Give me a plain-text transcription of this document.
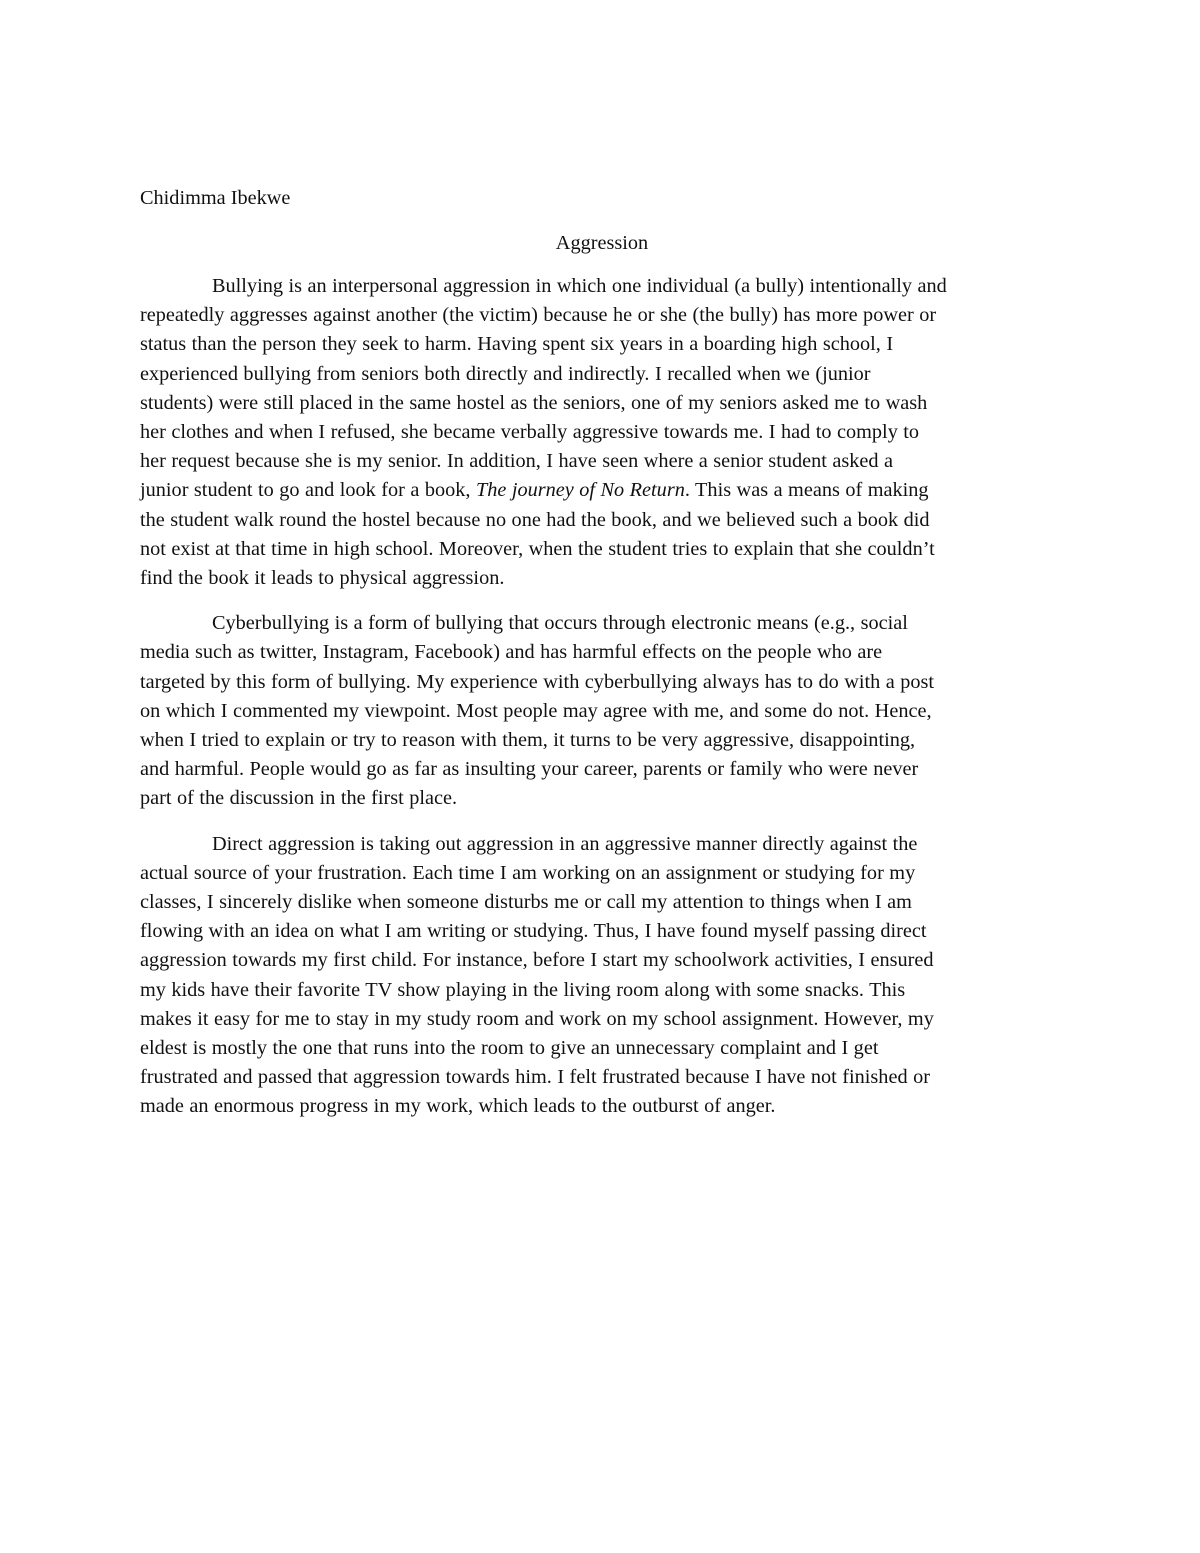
Chidimma Ibekwe

Aggression

Bullying is an interpersonal aggression in which one individual (a bully) intentionally and
repeatedly aggresses against another (the victim) because he or she (the bully) has more power or
status than the person they seek to harm. Having spent six years in a boarding high school, I
experienced bullying from seniors both directly and indirectly. I recalled when we (junior
students) were still placed in the same hostel as the seniors, one of my seniors asked me to wash
her clothes and when I refused, she became verbally aggressive towards me. I had to comply to
her request because she is my senior. In addition, I have seen where a senior student asked a
junior student to go and look for a book, The journey of No Return. This was a means of making
the student walk round the hostel because no one had the book, and we believed such a book did
not exist at that time in high school. Moreover, when the student tries to explain that she couldn’t
find the book it leads to physical aggression.
Cyberbullying is a form of bullying that occurs through electronic means (e.g., social
media such as twitter, Instagram, Facebook) and has harmful effects on the people who are
targeted by this form of bullying. My experience with cyberbullying always has to do with a post
on which I commented my viewpoint. Most people may agree with me, and some do not. Hence,
when I tried to explain or try to reason with them, it turns to be very aggressive, disappointing,
and harmful. People would go as far as insulting your career, parents or family who were never
part of the discussion in the first place.
Direct aggression is taking out aggression in an aggressive manner directly against the
actual source of your frustration. Each time I am working on an assignment or studying for my
classes, I sincerely dislike when someone disturbs me or call my attention to things when I am
flowing with an idea on what I am writing or studying. Thus, I have found myself passing direct
aggression towards my first child. For instance, before I start my schoolwork activities, I ensured
my kids have their favorite TV show playing in the living room along with some snacks. This
makes it easy for me to stay in my study room and work on my school assignment. However, my
eldest is mostly the one that runs into the room to give an unnecessary complaint and I get
frustrated and passed that aggression towards him. I felt frustrated because I have not finished or
made an enormous progress in my work, which leads to the outburst of anger.
